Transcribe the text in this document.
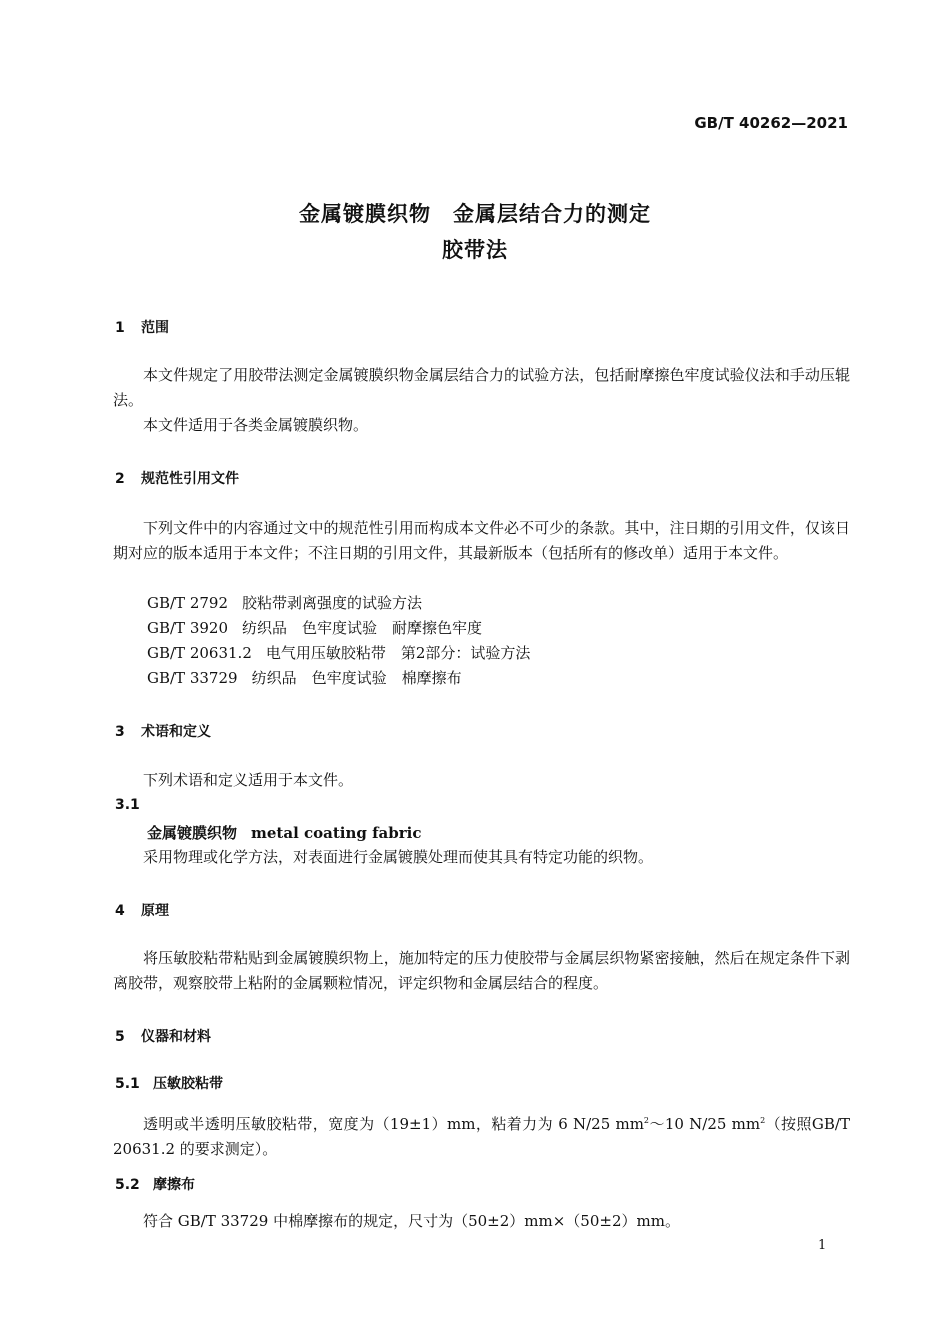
GB/T 40262—2021
金属镀膜织物　金属层结合力的测定
胶带法
1 范围
本文件规定了用胶带法测定金属镀膜织物金属层结合力的试验方法，包括耐摩擦色牢度试验仪法和手动压辊法。
本文件适用于各类金属镀膜织物。
2 规范性引用文件
下列文件中的内容通过文中的规范性引用而构成本文件必不可少的条款。其中，注日期的引用文件，仅该日期对应的版本适用于本文件；不注日期的引用文件，其最新版本（包括所有的修改单）适用于本文件。
GB/T 2792 胶粘带剥离强度的试验方法
GB/T 3920 纺织品　色牢度试验　耐摩擦色牢度
GB/T 20631.2 电气用压敏胶粘带　第2部分：试验方法
GB/T 33729 纺织品　色牢度试验　棉摩擦布
3 术语和定义
下列术语和定义适用于本文件。
3.1
金属镀膜织物 metal coating fabric
采用物理或化学方法，对表面进行金属镀膜处理而使其具有特定功能的织物。
4 原理
将压敏胶粘带粘贴到金属镀膜织物上，施加特定的压力使胶带与金属层织物紧密接触，然后在规定条件下剥离胶带，观察胶带上粘附的金属颗粒情况，评定织物和金属层结合的程度。
5 仪器和材料
5.1 压敏胶粘带
透明或半透明压敏胶粘带，宽度为（19±1）mm，粘着力为 6 N/25 $mm^2\sim 10$ N/25 $mm^2$（按照GB/T 20631.2 的要求测定）。
5.2 摩擦布
符合 GB/T 33729 中棉摩擦布的规定，尺寸为（50±2）mm×（50±2）mm。
1
